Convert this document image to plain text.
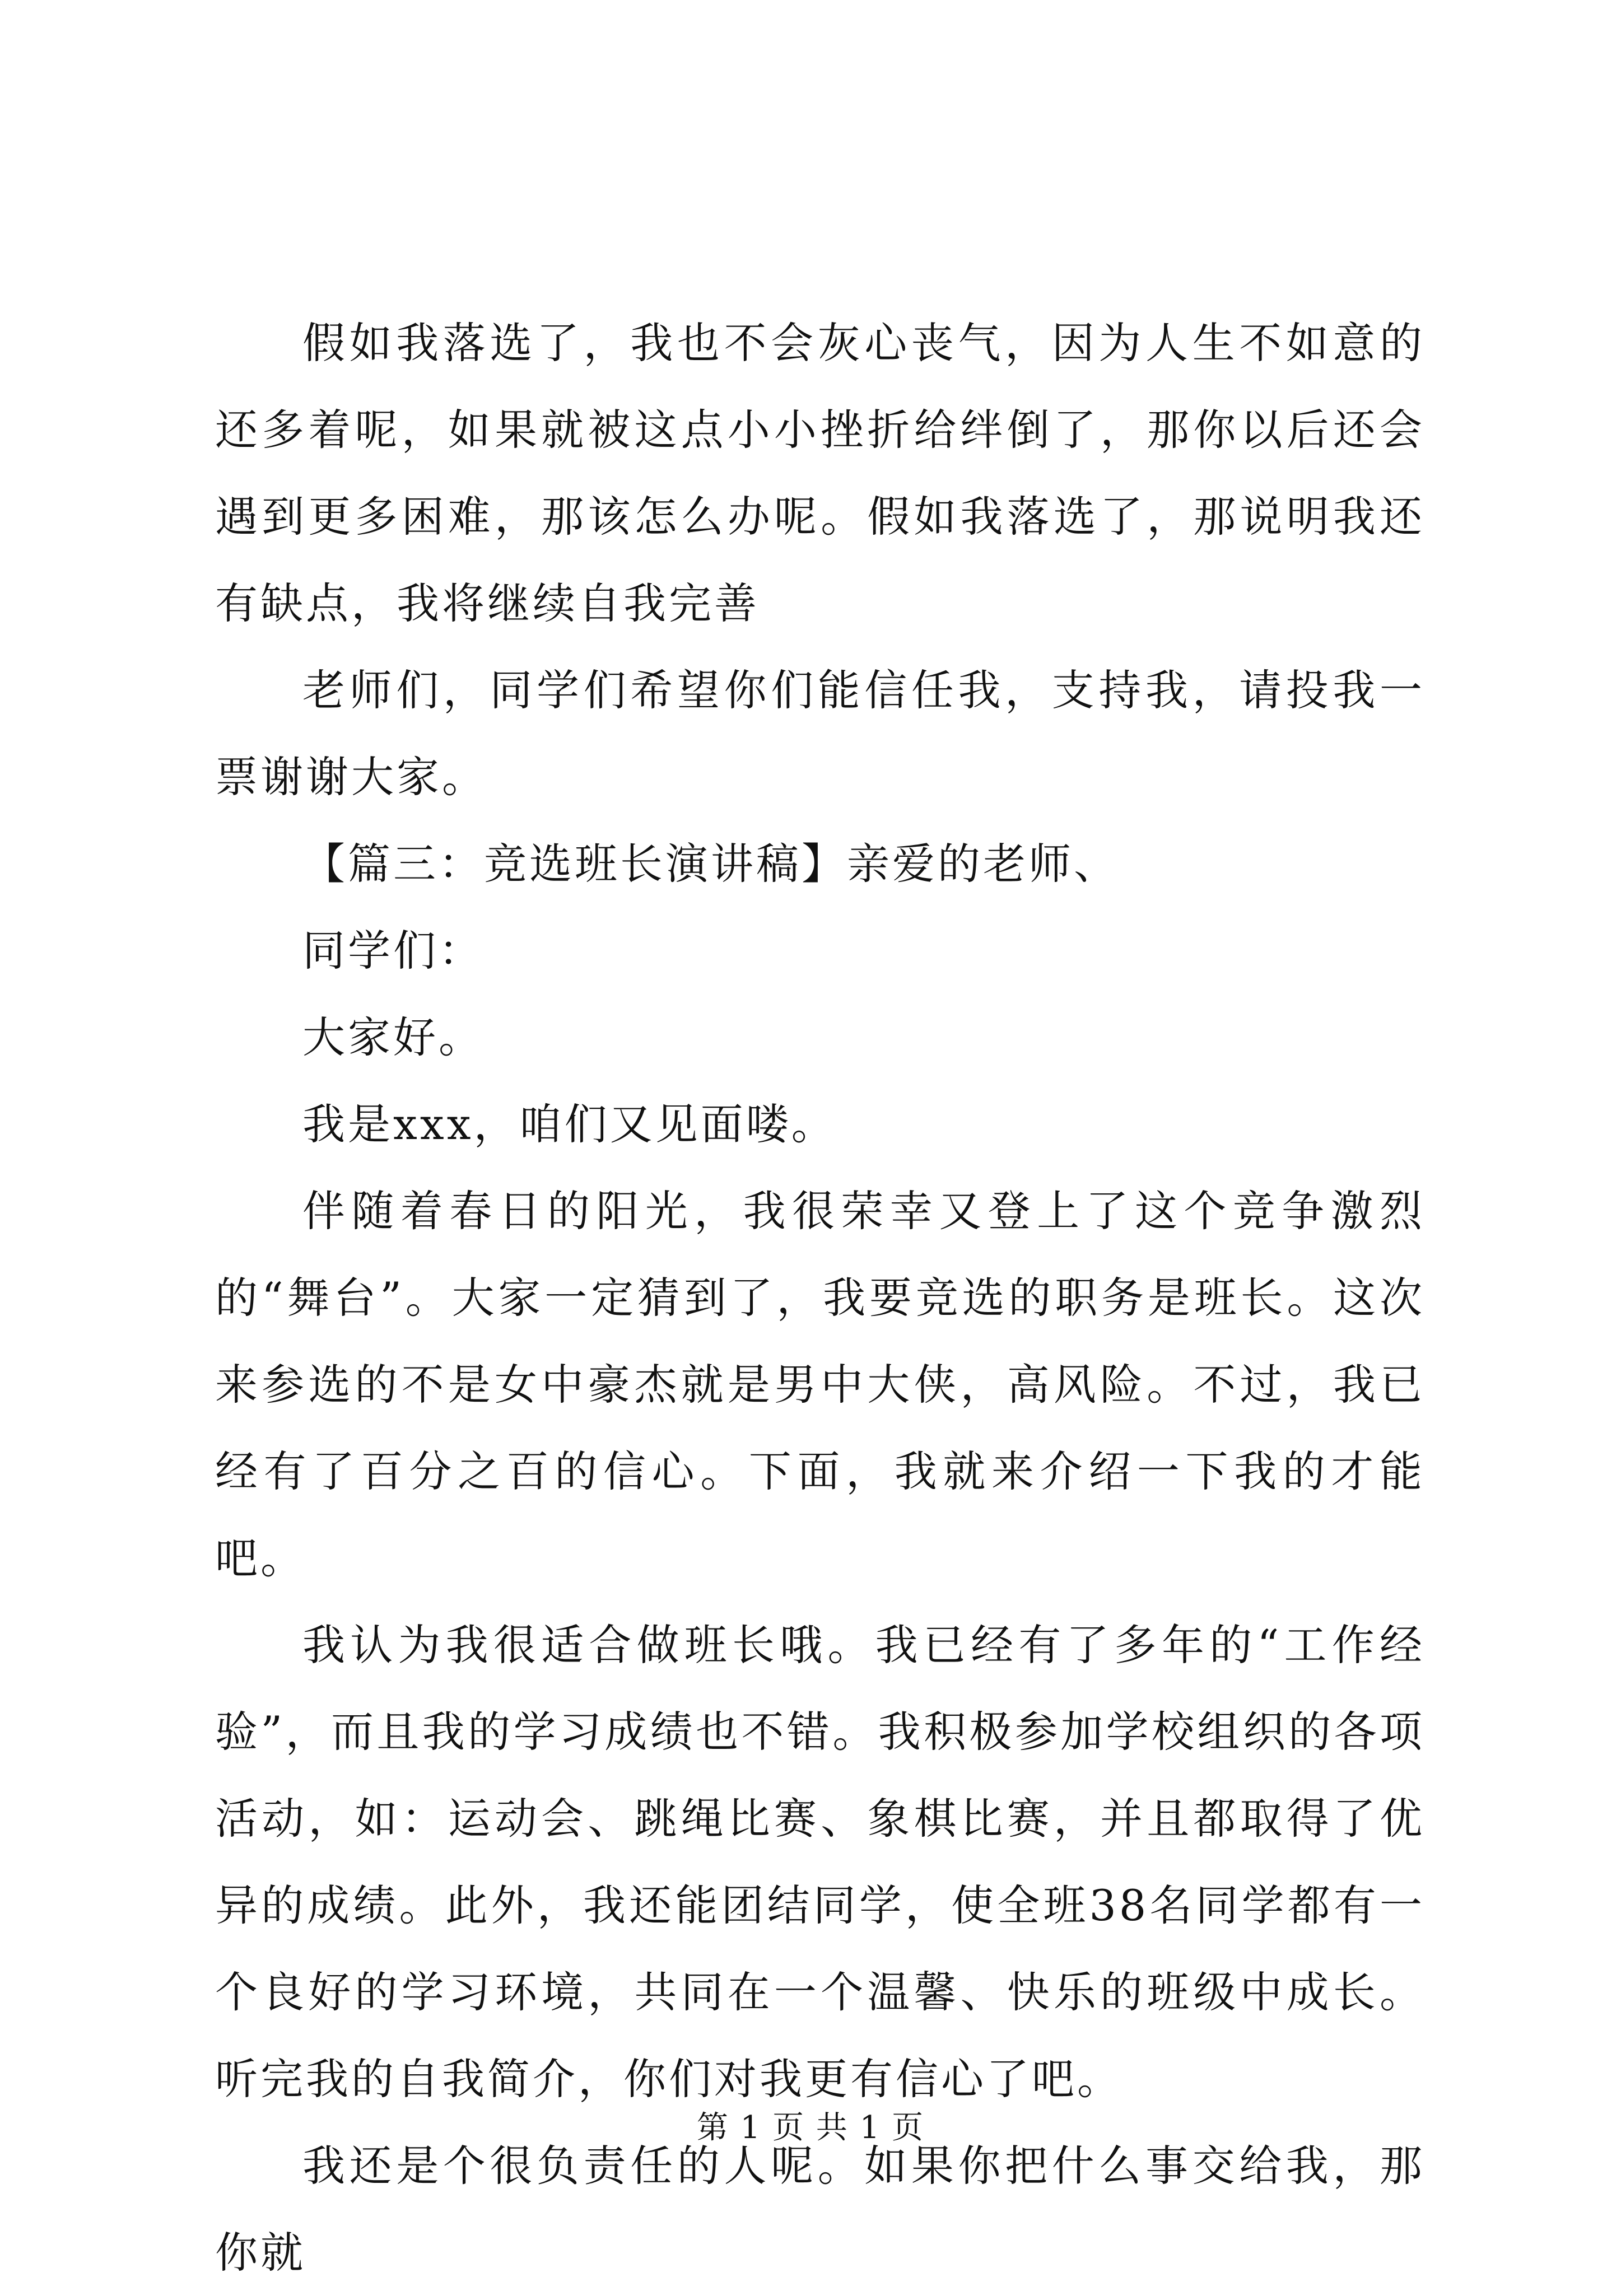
假如我落选了，我也不会灰心丧气，因为人生不如意的还多着呢，如果就被这点小小挫折给绊倒了，那你以后还会遇到更多困难，那该怎么办呢。假如我落选了，那说明我还有缺点，我将继续自我完善

老师们，同学们希望你们能信任我，支持我，请投我一票谢谢大家。

【篇三：竞选班长演讲稿】亲爱的老师、

同学们：

大家好。

我是xxx，咱们又见面喽。

伴随着春日的阳光，我很荣幸又登上了这个竞争激烈的“舞台”。大家一定猜到了，我要竞选的职务是班长。这次来参选的不是女中豪杰就是男中大侠，高风险。不过，我已经有了百分之百的信心。下面，我就来介绍一下我的才能吧。

我认为我很适合做班长哦。我已经有了多年的“工作经验”，而且我的学习成绩也不错。我积极参加学校组织的各项活动，如：运动会、跳绳比赛、象棋比赛，并且都取得了优异的成绩。此外，我还能团结同学，使全班38名同学都有一个良好的学习环境，共同在一个温馨、快乐的班级中成长。听完我的自我简介，你们对我更有信心了吧。

我还是个很负责任的人呢。如果你把什么事交给我，那你就

第 1 页 共 1 页
